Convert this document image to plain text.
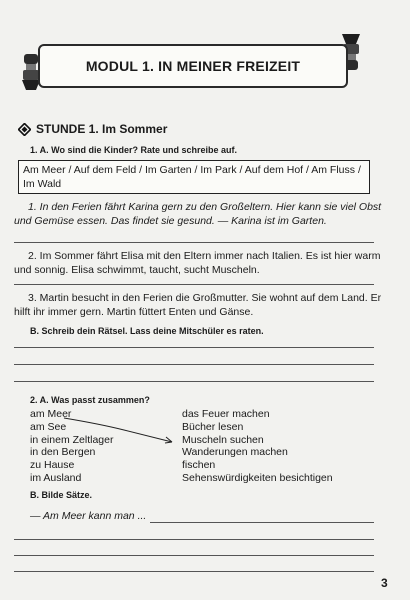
MODUL 1. IN MEINER FREIZEIT
STUNDE 1. Im Sommer
1. A. Wo sind die Kinder? Rate und schreibe auf.
Am Meer / Auf dem Feld / Im Garten / Im Park / Auf dem Hof / Am Fluss / Im Wald

1. In den Ferien fährt Karina gern zu den Großeltern. Hier kann sie viel Obst und Gemüse essen. Das findet sie gesund. — Karina ist im Garten.

2. Im Sommer fährt Elisa mit den Eltern immer nach Italien. Es ist hier warm und sonnig. Elisa schwimmt, taucht, sucht Muscheln.

3. Martin besucht in den Ferien die Großmutter. Sie wohnt auf dem Land. Er hilft ihr immer gern. Martin füttert Enten und Gänse.

B. Schreib dein Rätsel. Lass deine Mitschüler es raten.
2. A. Was passt zusammen?
am Meer
am See
in einem Zeltlager
in den Bergen
zu Hause
im Ausland
das Feuer machen
Bücher lesen
Muscheln suchen
Wanderungen machen
fischen
Sehenswürdigkeiten besichtigen
B. Bilde Sätze.
— Am Meer kann man ...
3
